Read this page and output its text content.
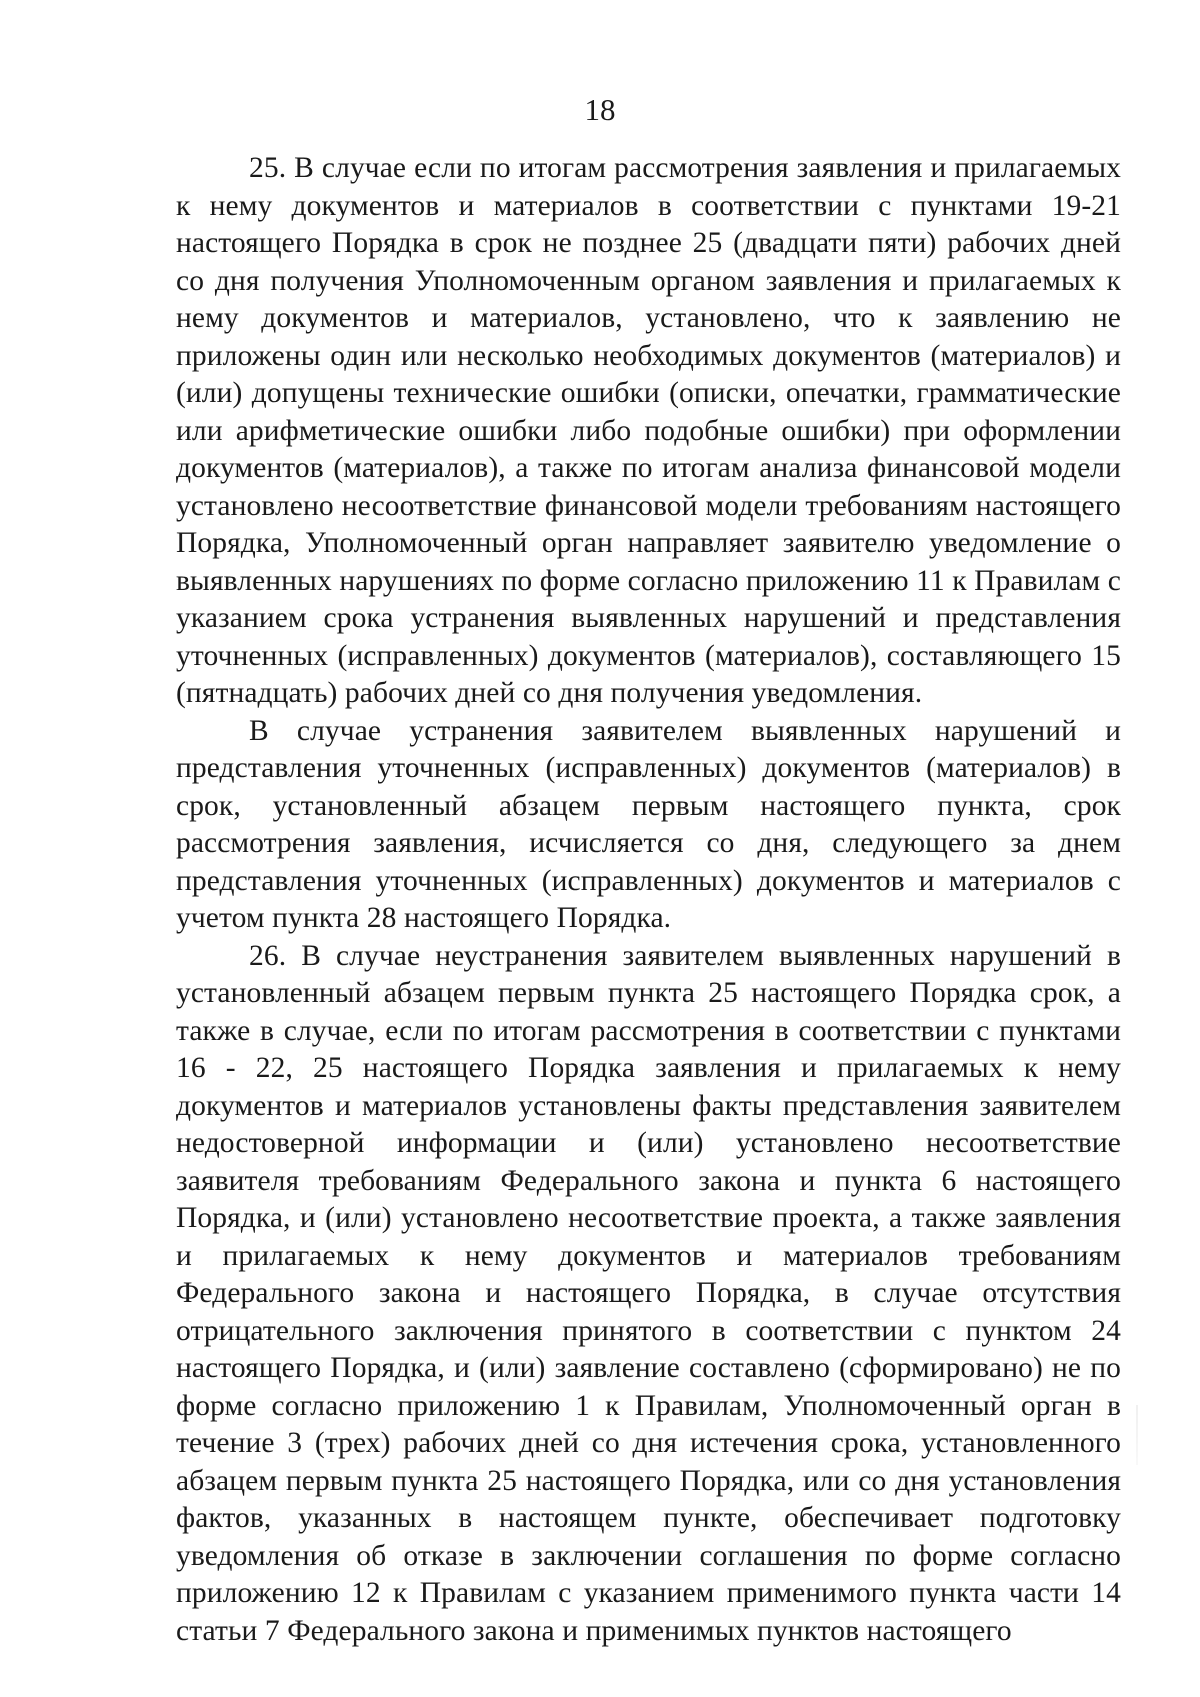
18

25. В случае если по итогам рассмотрения заявления и прилагаемых к нему документов и материалов в соответствии с пунктами 19-21 настоящего Порядка в срок не позднее 25 (двадцати пяти) рабочих дней со дня получения Уполномоченным органом заявления и прилагаемых к нему документов и материалов, установлено, что к заявлению не приложены один или несколько необходимых документов (материалов) и (или) допущены технические ошибки (описки, опечатки, грамматические или арифметические ошибки либо подобные ошибки) при оформлении документов (материалов), а также по итогам анализа финансовой модели установлено несоответствие финансовой модели требованиям настоящего Порядка, Уполномоченный орган направляет заявителю уведомление о выявленных нарушениях по форме согласно приложению 11 к Правилам с указанием срока устранения выявленных нарушений и представления уточненных (исправленных) документов (материалов), составляющего 15 (пятнадцать) рабочих дней со дня получения уведомления.

В случае устранения заявителем выявленных нарушений и представления уточненных (исправленных) документов (материалов) в срок, установленный абзацем первым настоящего пункта, срок рассмотрения заявления, исчисляется со дня, следующего за днем представления уточненных (исправленных) документов и материалов с учетом пункта 28 настоящего Порядка.

26. В случае неустранения заявителем выявленных нарушений в установленный абзацем первым пункта 25 настоящего Порядка срок, а также в случае, если по итогам рассмотрения в соответствии с пунктами 16 - 22, 25 настоящего Порядка заявления и прилагаемых к нему документов и материалов установлены факты представления заявителем недостоверной информации и (или) установлено несоответствие заявителя требованиям Федерального закона и пункта 6 настоящего Порядка, и (или) установлено несоответствие проекта, а также заявления и прилагаемых к нему документов и материалов требованиям Федерального закона и настоящего Порядка, в случае отсутствия отрицательного заключения принятого в соответствии с пунктом 24 настоящего Порядка, и (или) заявление составлено (сформировано) не по форме согласно приложению 1 к Правилам, Уполномоченный орган в течение 3 (трех) рабочих дней со дня истечения срока, установленного абзацем первым пункта 25 настоящего Порядка, или со дня установления фактов, указанных в настоящем пункте, обеспечивает подготовку уведомления об отказе в заключении соглашения по форме согласно приложению 12 к Правилам с указанием применимого пункта части 14 статьи 7 Федерального закона и применимых пунктов настоящего
